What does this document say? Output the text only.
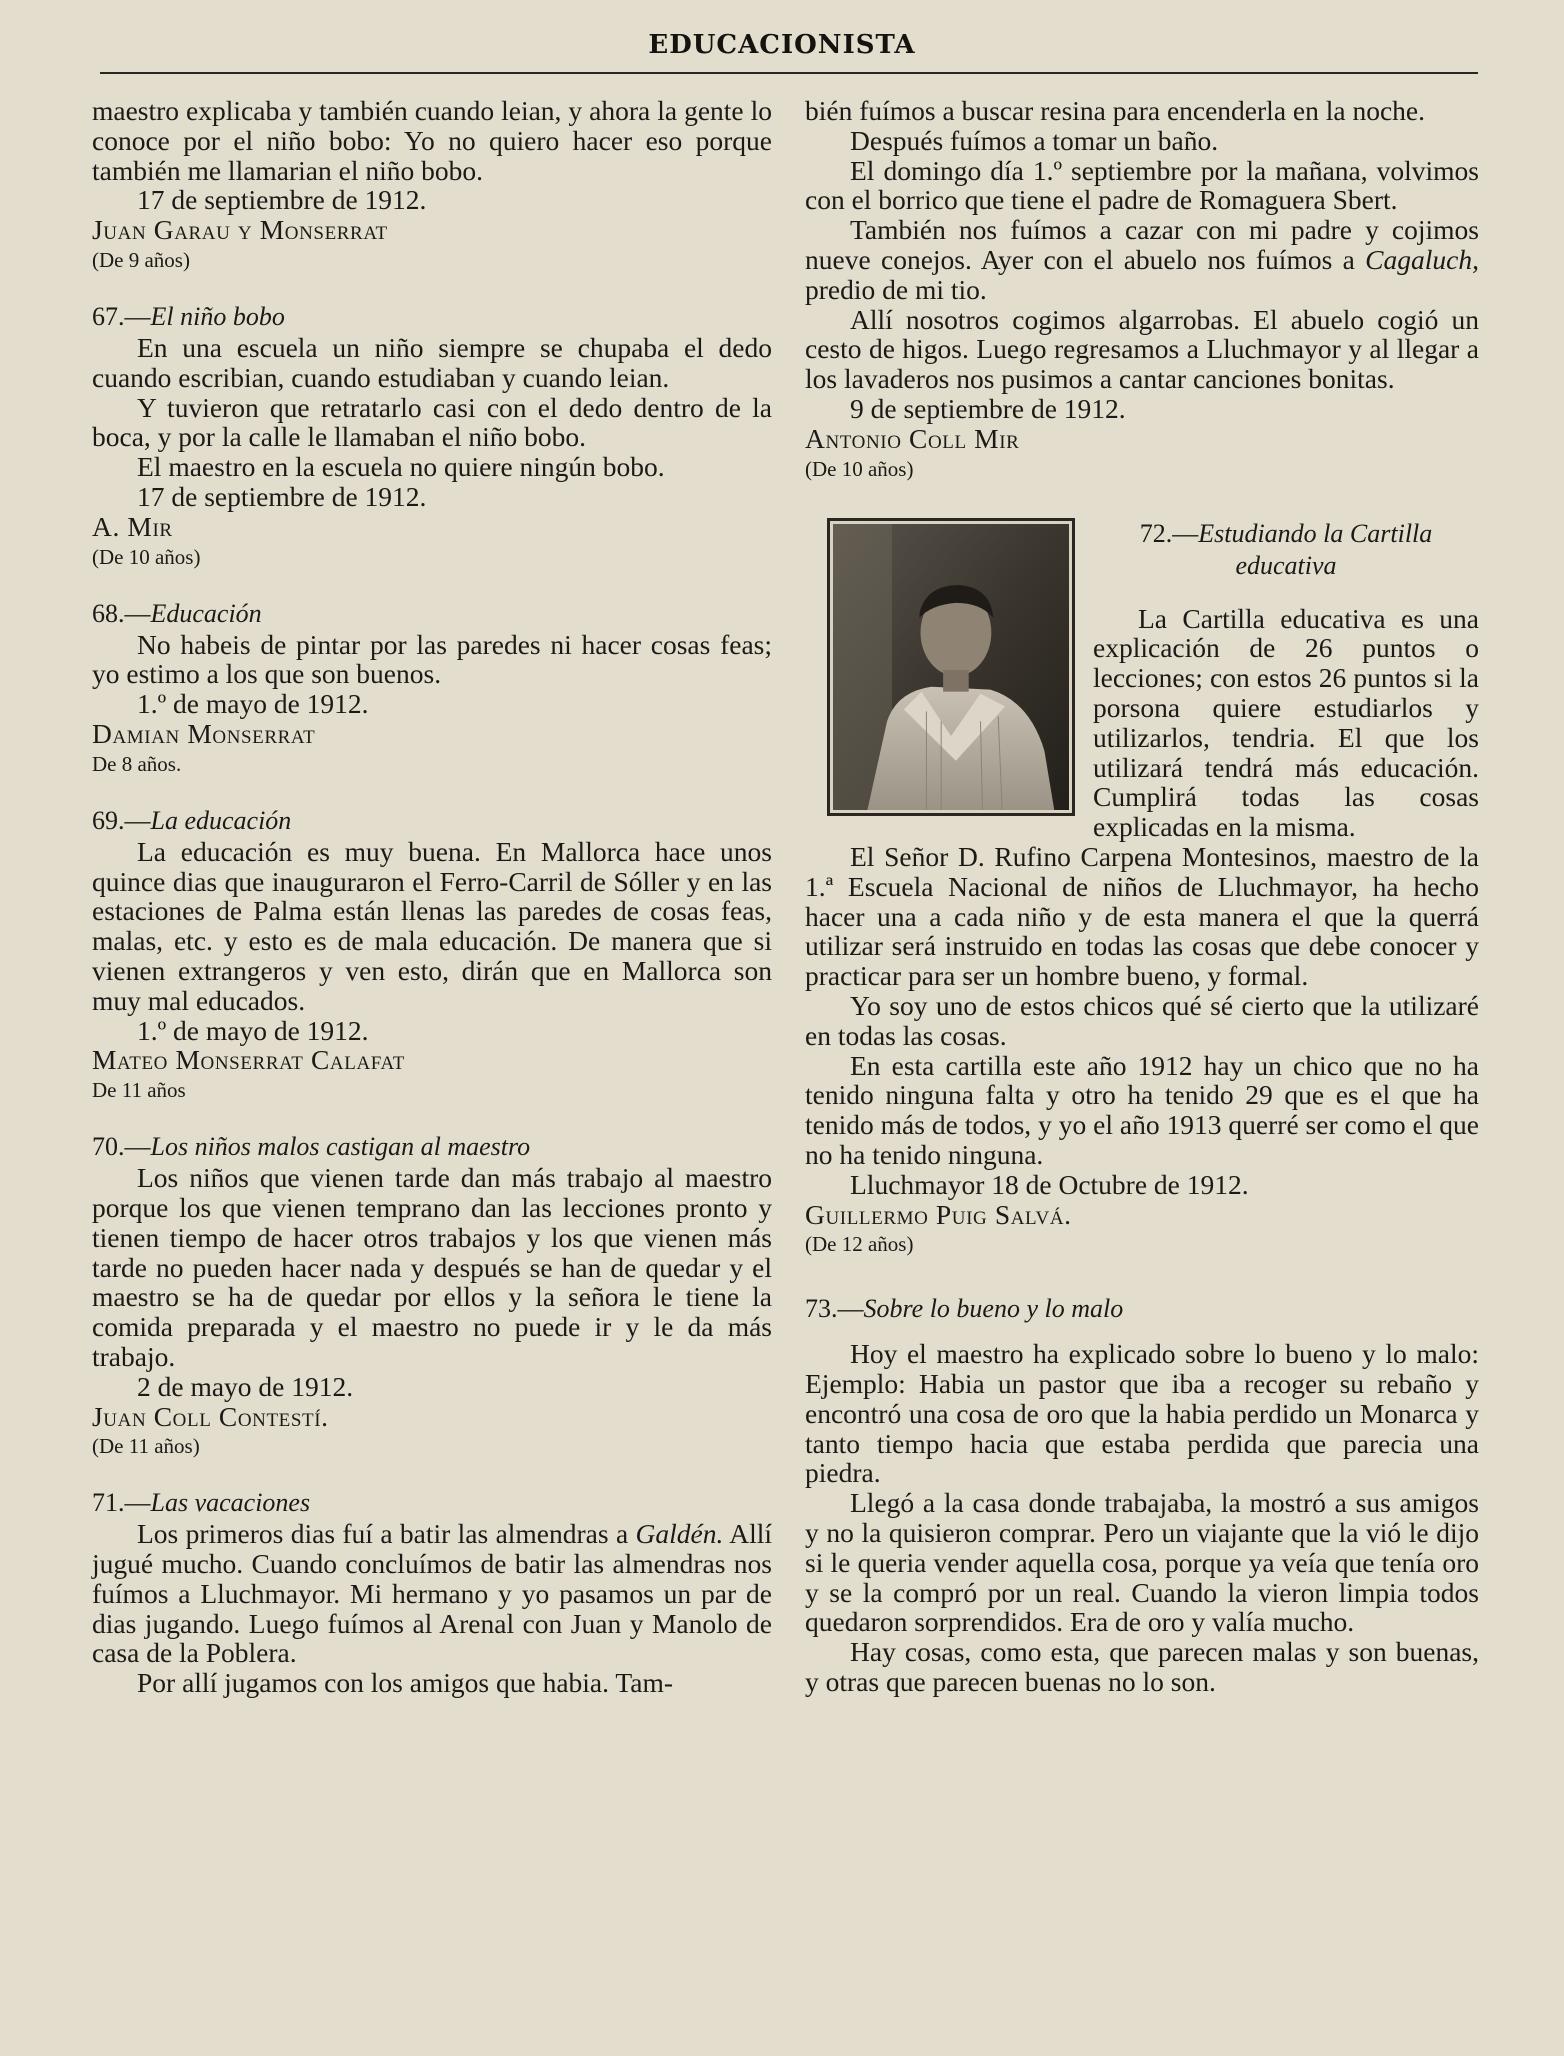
EDUCACIONISTA

maestro explicaba y también cuando leian, y ahora la gente lo conoce por el niño bobo: Yo no quiero hacer eso porque también me llamarian el niño bobo.

17 de septiembre de 1912.

Juan Garau y Monserrat

(De 9 años)

67.—El niño bobo

En una escuela un niño siempre se chupaba el dedo cuando escribian, cuando estudiaban y cuando leian.

Y tuvieron que retratarlo casi con el dedo dentro de la boca, y por la calle le llamaban el niño bobo.

El maestro en la escuela no quiere ningún bobo.

17 de septiembre de 1912.

A. Mir

(De 10 años)

68.—Educación

No habeis de pintar por las paredes ni hacer cosas feas; yo estimo a los que son buenos.

1.º de mayo de 1912.

Damian Monserrat

De 8 años.

69.—La educación

La educación es muy buena. En Mallorca hace unos quince dias que inauguraron el Ferro-Carril de Sóller y en las estaciones de Palma están llenas las paredes de cosas feas, malas, etc. y esto es de mala educación. De manera que si vienen extrangeros y ven esto, dirán que en Mallorca son muy mal educados.

1.º de mayo de 1912.

Mateo Monserrat Calafat

De 11 años

70.—Los niños malos castigan al maestro

Los niños que vienen tarde dan más trabajo al maestro porque los que vienen temprano dan las lecciones pronto y tienen tiempo de hacer otros trabajos y los que vienen más tarde no pueden hacer nada y después se han de quedar y el maestro se ha de quedar por ellos y la señora le tiene la comida preparada y el maestro no puede ir y le da más trabajo.

2 de mayo de 1912.

Juan Coll Contestí.

(De 11 años)

71.—Las vacaciones

Los primeros dias fuí a batir las almendras a Galdén. Allí jugué mucho. Cuando concluímos de batir las almendras nos fuímos a Lluchmayor. Mi hermano y yo pasamos un par de dias jugando. Luego fuímos al Arenal con Juan y Manolo de casa de la Poblera.

Por allí jugamos con los amigos que habia. Tam-

bién fuímos a buscar resina para encenderla en la noche.

Después fuímos a tomar un baño.

El domingo día 1.º septiembre por la mañana, volvimos con el borrico que tiene el padre de Romaguera Sbert.

También nos fuímos a cazar con mi padre y cojimos nueve conejos. Ayer con el abuelo nos fuímos a Cagaluch, predio de mi tio.

Allí nosotros cogimos algarrobas. El abuelo cogió un cesto de higos. Luego regresamos a Lluchmayor y al llegar a los lavaderos nos pusimos a cantar canciones bonitas.

9 de septiembre de 1912.

Antonio Coll Mir

(De 10 años)

72.—Estudiando la Cartilla

educativa

La Cartilla educativa es una explicación de 26 puntos o lecciones; con estos 26 puntos si la porsona quiere estudiarlos y utilizarlos, tendria. El que los utilizará tendrá más educación. Cumplirá todas las cosas explicadas en la misma.

El Señor D. Rufino Carpena Montesinos, maestro de la 1.ª Escuela Nacional de niños de Lluchmayor, ha hecho hacer una a cada niño y de esta manera el que la querrá utilizar será instruido en todas las cosas que debe conocer y practicar para ser un hombre bueno, y formal.

Yo soy uno de estos chicos qué sé cierto que la utilizaré en todas las cosas.

En esta cartilla este año 1912 hay un chico que no ha tenido ninguna falta y otro ha tenido 29 que es el que ha tenido más de todos, y yo el año 1913 querré ser como el que no ha tenido ninguna.

Lluchmayor 18 de Octubre de 1912.

Guillermo Puig Salvá.

(De 12 años)

73.—Sobre lo bueno y lo malo

Hoy el maestro ha explicado sobre lo bueno y lo malo: Ejemplo: Habia un pastor que iba a recoger su rebaño y encontró una cosa de oro que la habia perdido un Monarca y tanto tiempo hacia que estaba perdida que parecia una piedra.

Llegó a la casa donde trabajaba, la mostró a sus amigos y no la quisieron comprar. Pero un viajante que la vió le dijo si le queria vender aquella cosa, porque ya veía que tenía oro y se la compró por un real. Cuando la vieron limpia todos quedaron sorprendidos. Era de oro y valía mucho.

Hay cosas, como esta, que parecen malas y son buenas, y otras que parecen buenas no lo son.
